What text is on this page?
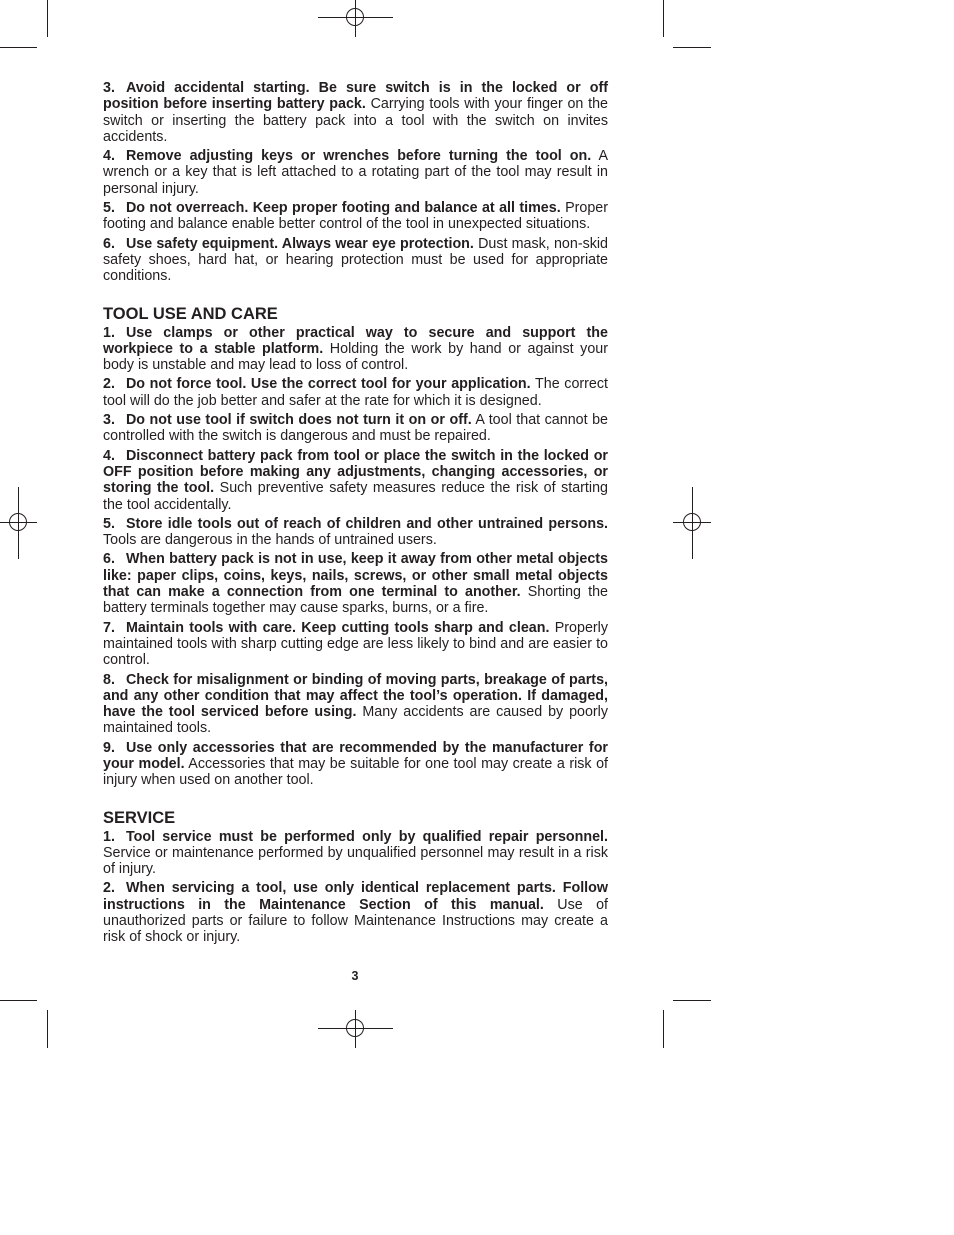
3. Avoid accidental starting. Be sure switch is in the locked or off position before inserting battery pack. Carrying tools with your finger on the switch or inserting the battery pack into a tool with the switch on invites accidents.

4. Remove adjusting keys or wrenches before turning the tool on. A wrench or a key that is left attached to a rotating part of the tool may result in personal injury.

5. Do not overreach. Keep proper footing and balance at all times. Proper footing and balance enable better control of the tool in unexpected situations.

6. Use safety equipment. Always wear eye protection. Dust mask, non-skid safety shoes, hard hat, or hearing protection must be used for appropriate conditions.

TOOL USE AND CARE

1. Use clamps or other practical way to secure and support the workpiece to a stable platform. Holding the work by hand or against your body is unstable and may lead to loss of control.

2. Do not force tool. Use the correct tool for your application. The correct tool will do the job better and safer at the rate for which it is designed.

3. Do not use tool if switch does not turn it on or off. A tool that cannot be controlled with the switch is dangerous and must be repaired.

4. Disconnect battery pack from tool or place the switch in the locked or OFF position before making any adjustments, changing accessories, or storing the tool. Such preventive safety measures reduce the risk of starting the tool accidentally.

5. Store idle tools out of reach of children and other untrained persons. Tools are dangerous in the hands of untrained users.

6. When battery pack is not in use, keep it away from other metal objects like: paper clips, coins, keys, nails, screws, or other small metal objects that can make a connection from one terminal to another. Shorting the battery terminals together may cause sparks, burns, or a fire.

7. Maintain tools with care. Keep cutting tools sharp and clean. Properly maintained tools with sharp cutting edge are less likely to bind and are easier to control.

8. Check for misalignment or binding of moving parts, breakage of parts, and any other condition that may affect the tool’s operation. If damaged, have the tool serviced before using. Many accidents are caused by poorly maintained tools.

9. Use only accessories that are recommended by the manufacturer for your model. Accessories that may be suitable for one tool may create a risk of injury when used on another tool.

SERVICE

1. Tool service must be performed only by qualified repair personnel. Service or maintenance performed by unqualified personnel may result in a risk of injury.

2. When servicing a tool, use only identical replacement parts. Follow instructions in the Maintenance Section of this manual. Use of unauthorized parts or failure to follow Maintenance Instructions may create a risk of shock or injury.

3
